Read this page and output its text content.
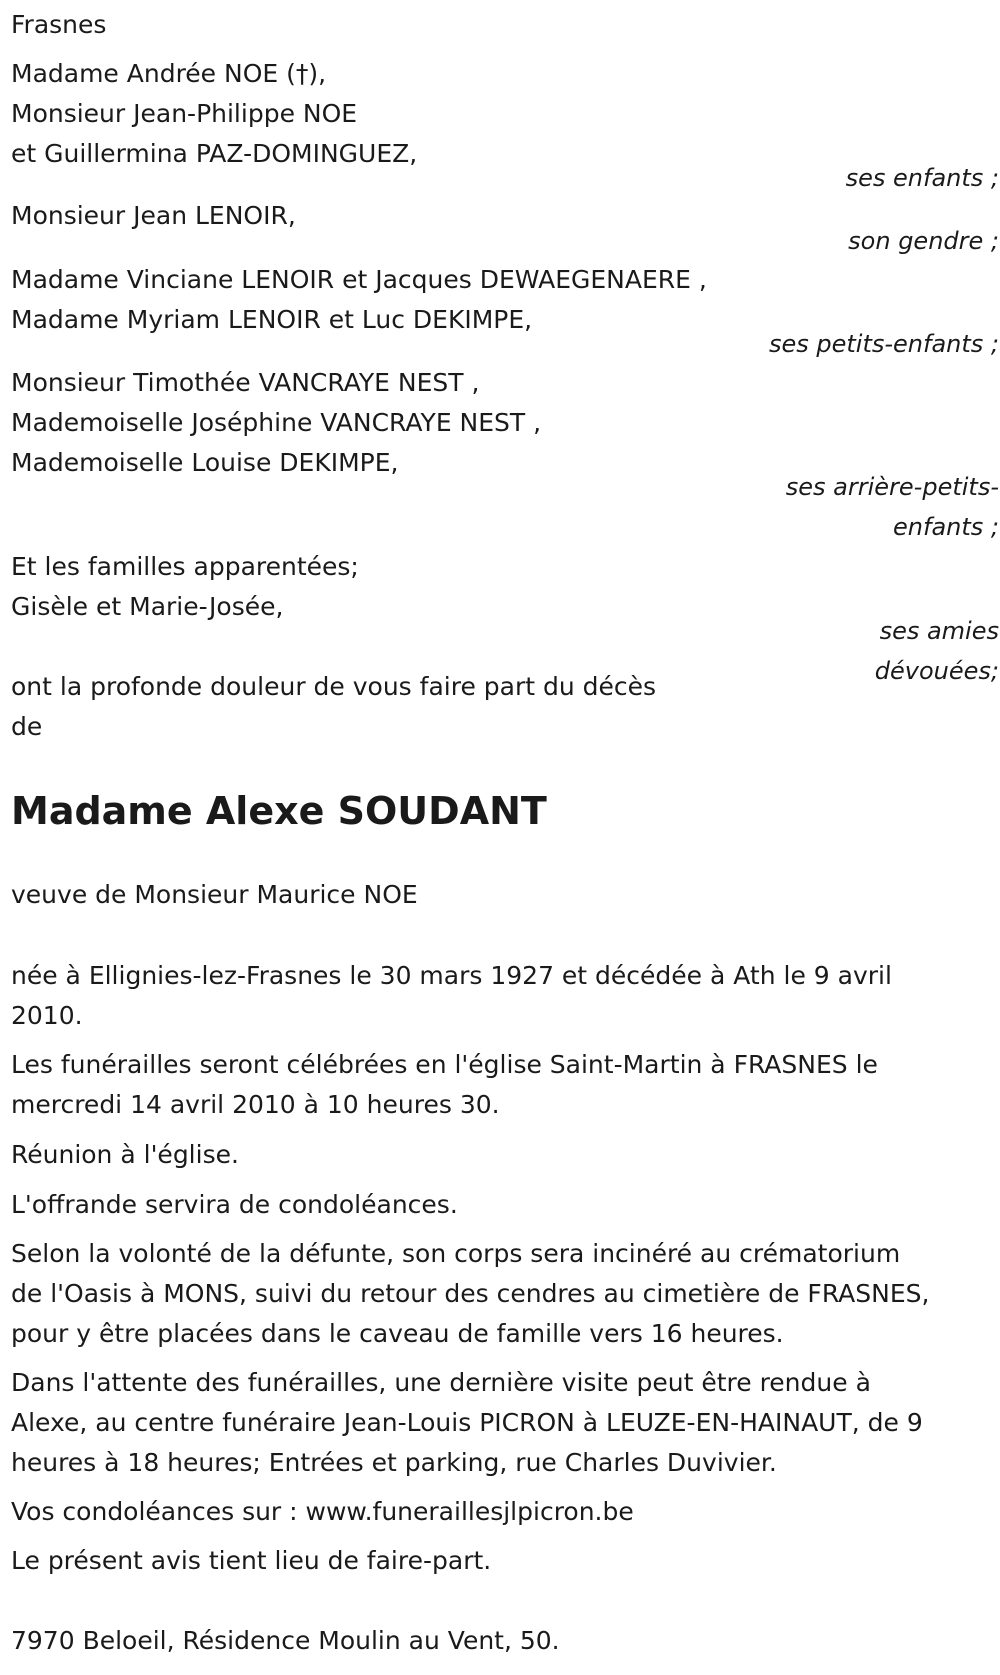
Frasnes
Madame Andrée NOE (†),
Monsieur Jean-Philippe NOE
et Guillermina PAZ-DOMINGUEZ,
ses enfants ;
Monsieur Jean LENOIR,
son gendre ;
Madame Vinciane LENOIR et Jacques DEWAEGENAERE ,
Madame Myriam LENOIR et Luc DEKIMPE,
ses petits-enfants ;
Monsieur Timothée VANCRAYE NEST ,
Mademoiselle Joséphine VANCRAYE NEST ,
Mademoiselle Louise DEKIMPE,
ses arrière-petits-
enfants ;
Et les familles apparentées;
Gisèle et Marie-Josée,
ses amies
dévouées;
ont la profonde douleur de vous faire part du décès
de
Madame Alexe SOUDANT
veuve de Monsieur Maurice NOE
née à Ellignies-lez-Frasnes le 30 mars 1927 et décédée à Ath le 9 avril
2010.
Les funérailles seront célébrées en l'église Saint-Martin à FRASNES le
mercredi 14 avril 2010 à 10 heures 30.
Réunion à l'église.
L'offrande servira de condoléances.
Selon la volonté de la défunte, son corps sera incinéré au crématorium
de l'Oasis à MONS, suivi du retour des cendres au cimetière de FRASNES,
pour y être placées dans le caveau de famille vers 16 heures.
Dans l'attente des funérailles, une dernière visite peut être rendue à
Alexe, au centre funéraire Jean-Louis PICRON à LEUZE-EN-HAINAUT, de 9
heures à 18 heures; Entrées et parking, rue Charles Duvivier.
Vos condoléances sur : www.funeraillesjlpicron.be
Le présent avis tient lieu de faire-part.
7970 Beloeil, Résidence Moulin au Vent, 50.
